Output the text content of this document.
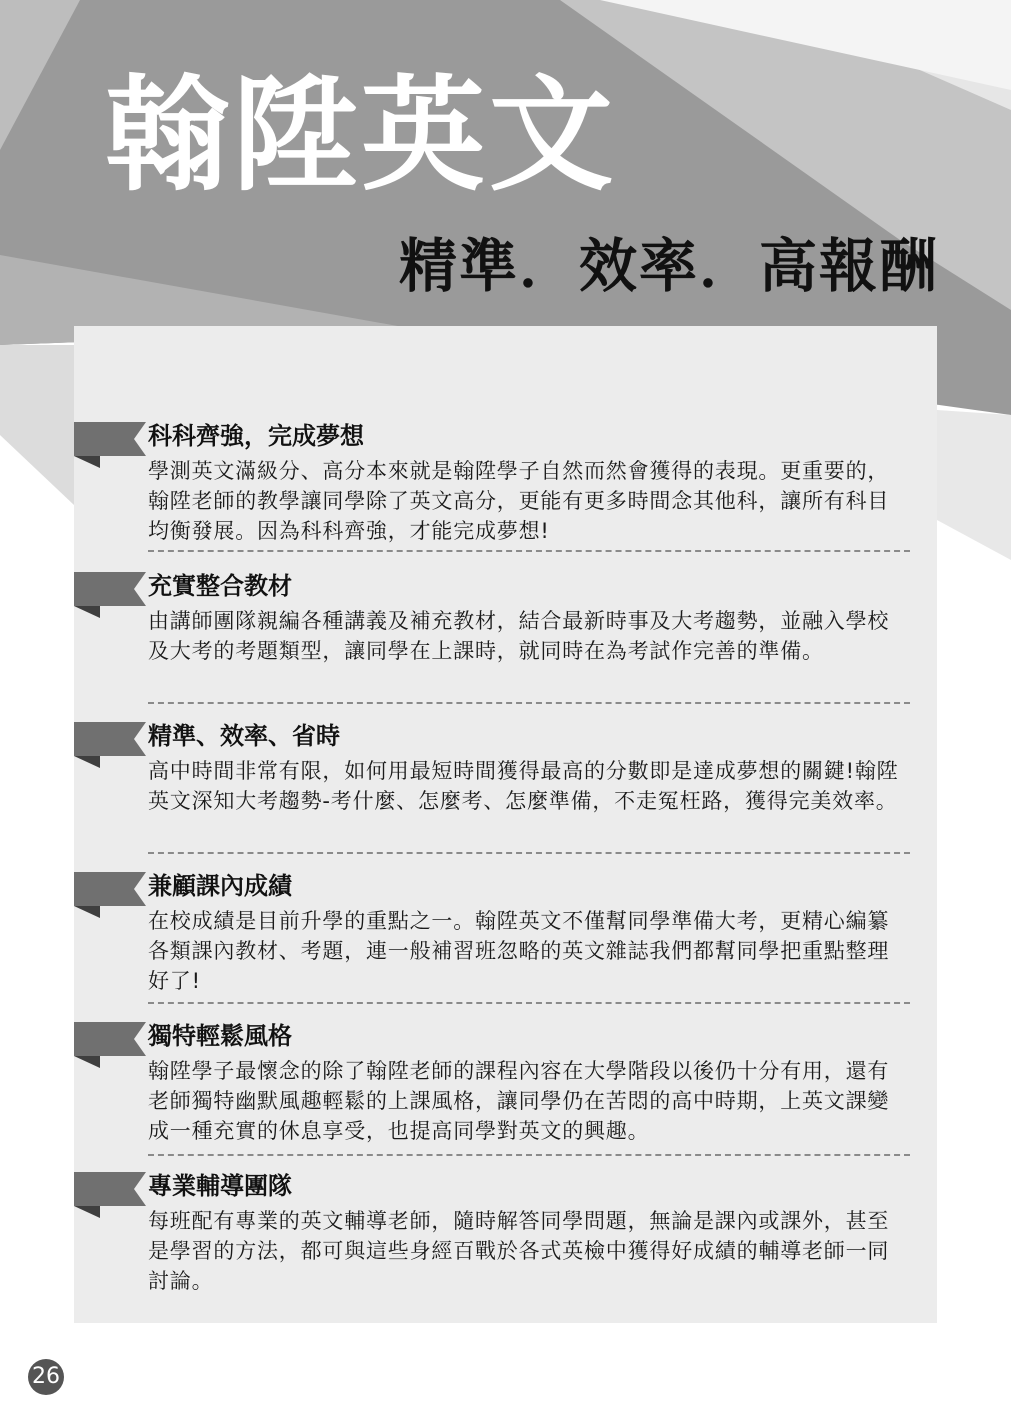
翰陞英文
精準．效率．高報酬
科科齊強，完成夢想

學測英文滿級分、高分本來就是翰陞學子自然而然會獲得的表現。更重要的，翰陞老師的教學讓同學除了英文高分，更能有更多時間念其他科，讓所有科目均衡發展。因為科科齊強，才能完成夢想!

充實整合教材

由講師團隊親編各種講義及補充教材，結合最新時事及大考趨勢，並融入學校及大考的考題類型，讓同學在上課時，就同時在為考試作完善的準備。

精準、效率、省時

高中時間非常有限，如何用最短時間獲得最高的分數即是達成夢想的關鍵!翰陞英文深知大考趨勢-考什麼、怎麼考、怎麼準備，不走冤枉路，獲得完美效率。

兼顧課內成績

在校成績是目前升學的重點之一。翰陞英文不僅幫同學準備大考，更精心編纂各類課內教材、考題，連一般補習班忽略的英文雜誌我們都幫同學把重點整理好了!

獨特輕鬆風格

翰陞學子最懷念的除了翰陞老師的課程內容在大學階段以後仍十分有用，還有老師獨特幽默風趣輕鬆的上課風格，讓同學仍在苦悶的高中時期，上英文課變成一種充實的休息享受，也提高同學對英文的興趣。

專業輔導團隊

每班配有專業的英文輔導老師，隨時解答同學問題，無論是課內或課外，甚至是學習的方法，都可與這些身經百戰於各式英檢中獲得好成績的輔導老師一同討論。

26
